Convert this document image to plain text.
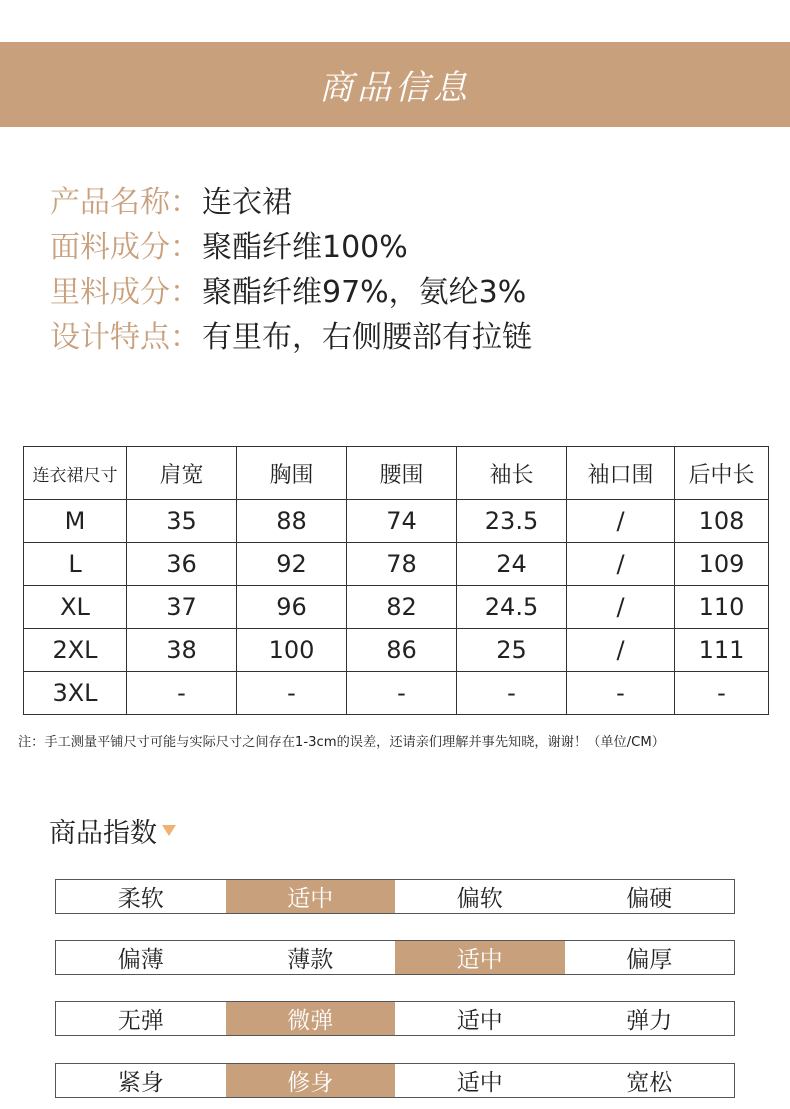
商品信息
产品名称： 连衣裙
面料成分： 聚酯纤维100%
里料成分： 聚酯纤维97%，氨纶3%
设计特点： 有里布，右侧腰部有拉链
连衣裙尺寸	肩宽	胸围	腰围	袖长	袖口围	后中长
M	35	88	74	23.5	/	108
L	36	92	78	24	/	109
XL	37	96	82	24.5	/	110
2XL	38	100	86	25	/	111
3XL	-	-	-	-	-	-
注：手工测量平铺尺寸可能与实际尺寸之间存在1-3cm的误差，还请亲们理解并事先知晓，谢谢！（单位/CM）
商品指数
柔软	适中	偏软	偏硬
偏薄	薄款	适中	偏厚
无弹	微弹	适中	弹力
紧身	修身	适中	宽松
